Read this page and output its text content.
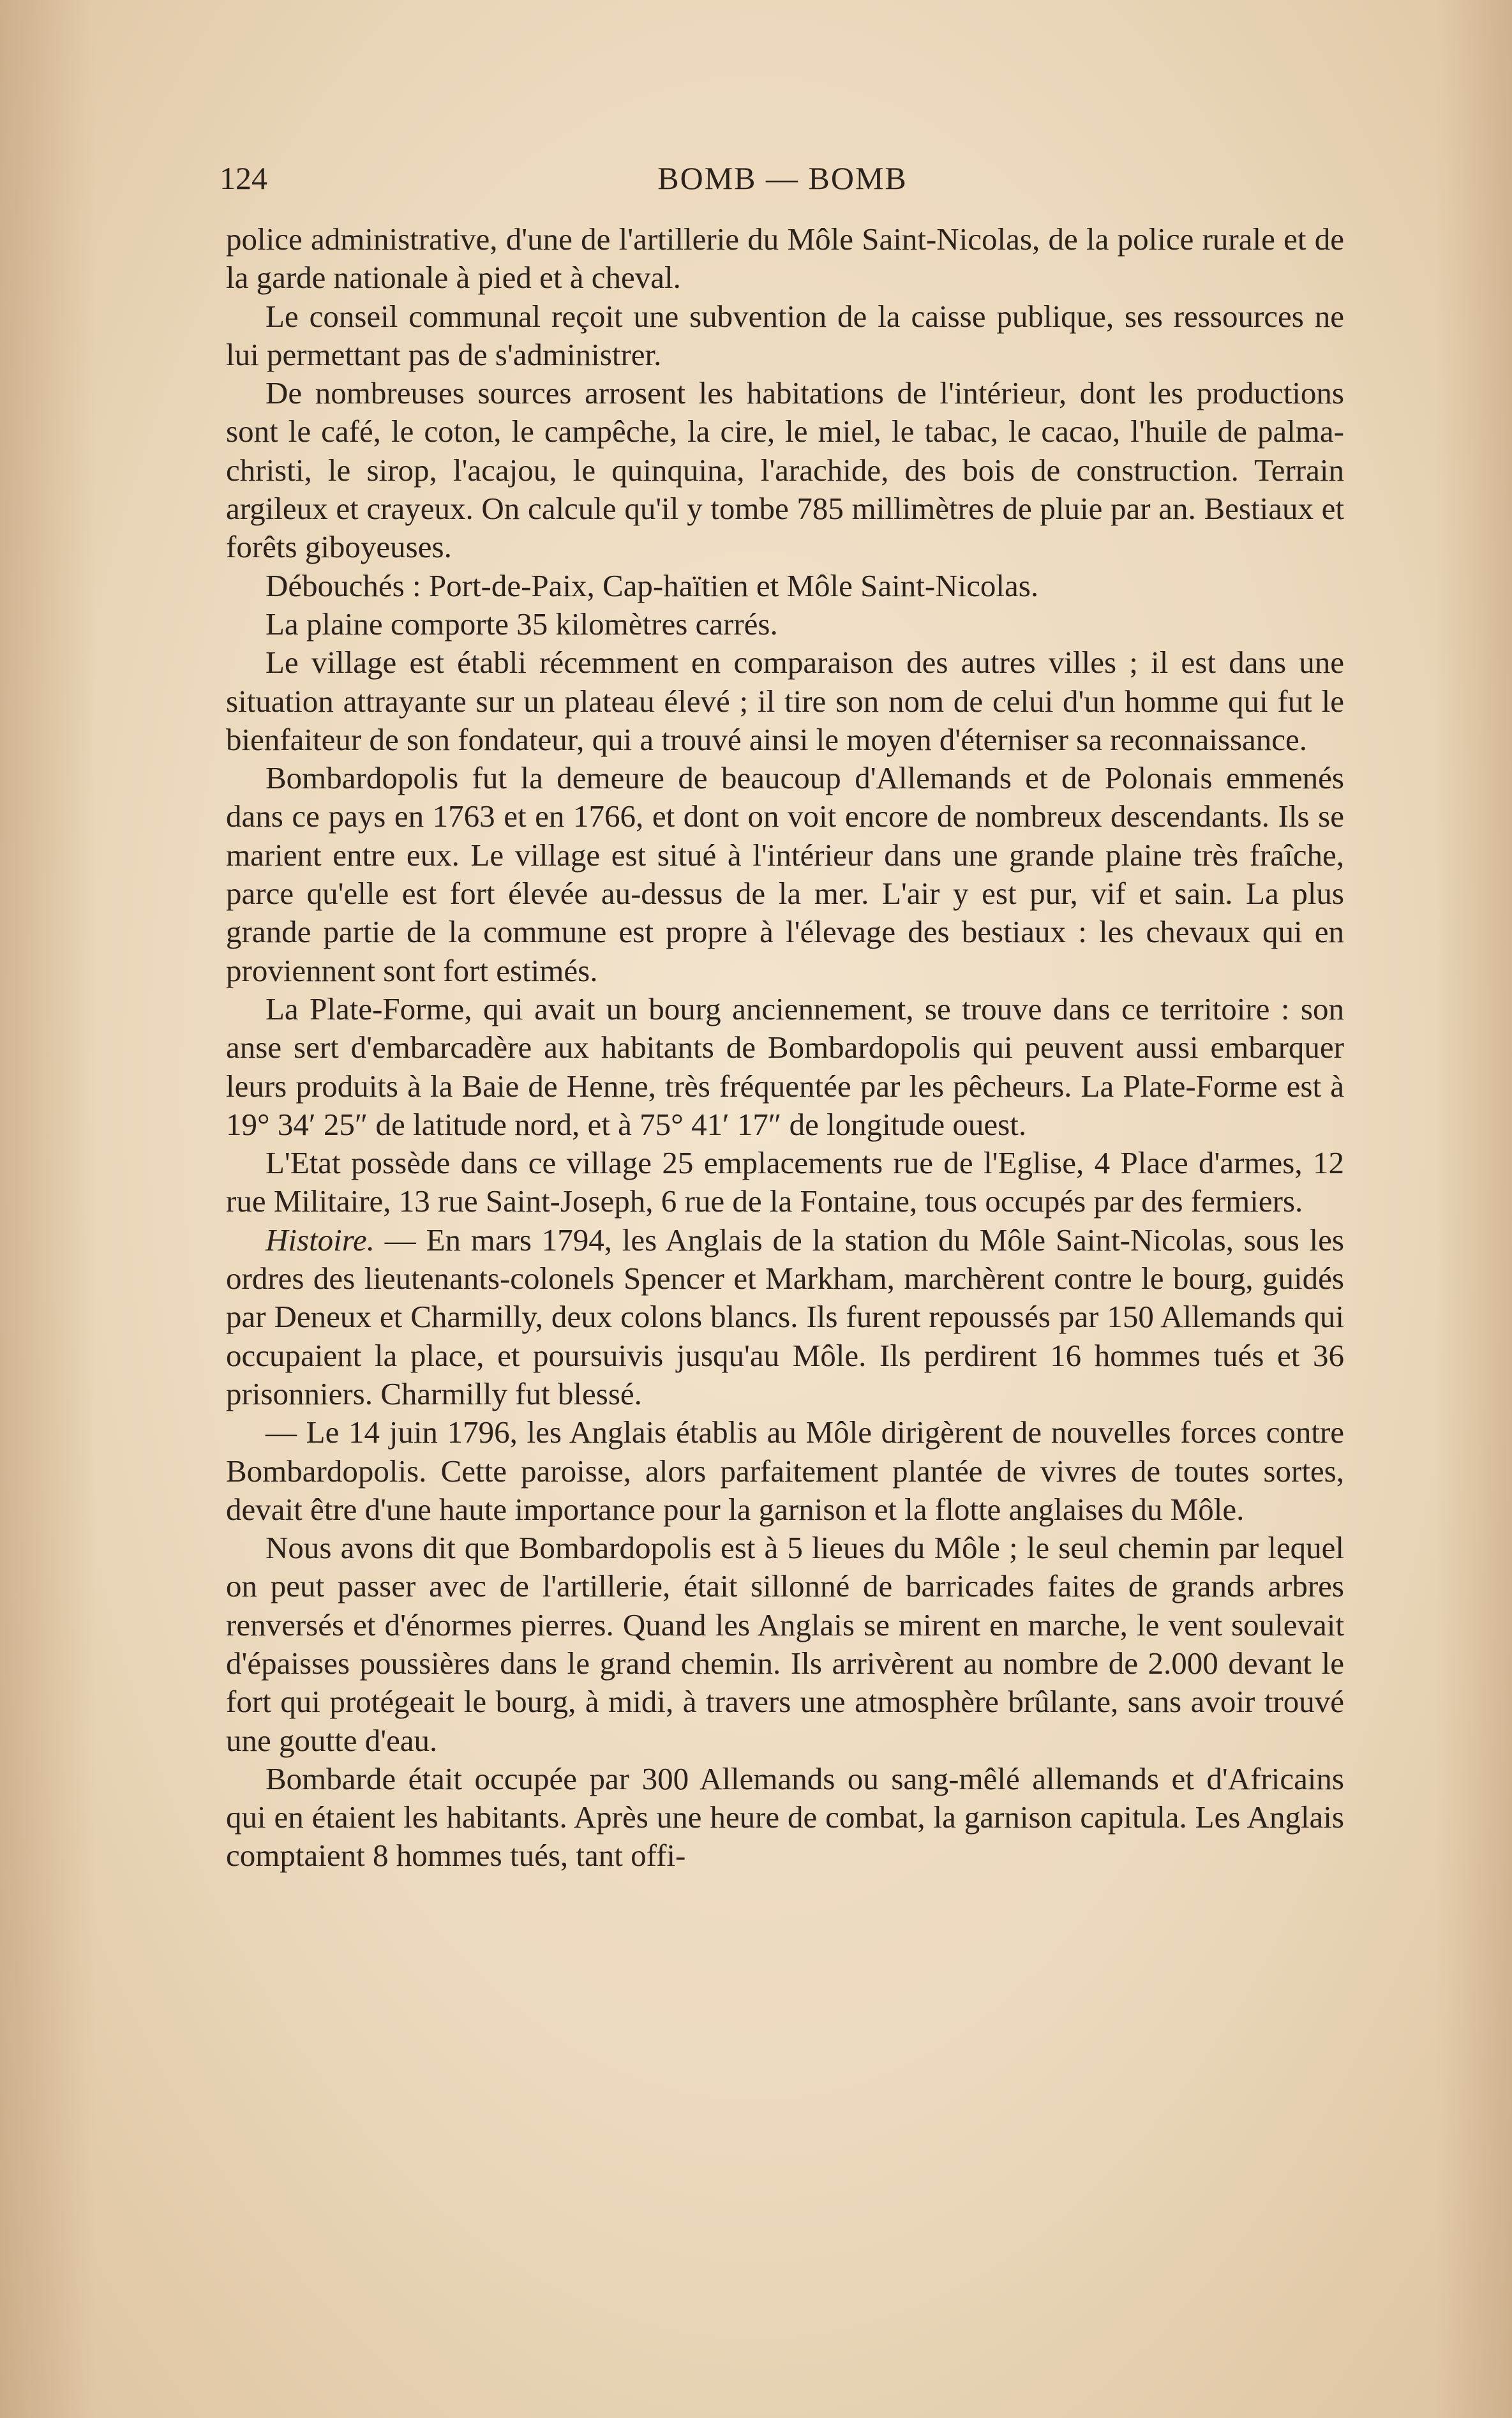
124	BOMB — BOMB

police administrative, d'une de l'artillerie du Môle Saint-Nicolas, de la police rurale et de la garde nationale à pied et à cheval.

Le conseil communal reçoit une subvention de la caisse publique, ses ressources ne lui permettant pas de s'administrer.

De nombreuses sources arrosent les habitations de l'intérieur, dont les productions sont le café, le coton, le campêche, la cire, le miel, le tabac, le cacao, l'huile de palma-christi, le sirop, l'acajou, le quinquina, l'arachide, des bois de construction. Terrain argileux et crayeux. On calcule qu'il y tombe 785 millimètres de pluie par an. Bestiaux et forêts giboyeuses.

Débouchés : Port-de-Paix, Cap-haïtien et Môle Saint-Nicolas.

La plaine comporte 35 kilomètres carrés.

Le village est établi récemment en comparaison des autres villes ; il est dans une situation attrayante sur un plateau élevé ; il tire son nom de celui d'un homme qui fut le bienfaiteur de son fondateur, qui a trouvé ainsi le moyen d'éterniser sa reconnaissance.

Bombardopolis fut la demeure de beaucoup d'Allemands et de Polonais emmenés dans ce pays en 1763 et en 1766, et dont on voit encore de nombreux descendants. Ils se marient entre eux. Le village est situé à l'intérieur dans une grande plaine très fraîche, parce qu'elle est fort élevée au-dessus de la mer. L'air y est pur, vif et sain. La plus grande partie de la commune est propre à l'élevage des bestiaux : les chevaux qui en proviennent sont fort estimés.

La Plate-Forme, qui avait un bourg anciennement, se trouve dans ce territoire : son anse sert d'embarcadère aux habitants de Bombardopolis qui peuvent aussi embarquer leurs produits à la Baie de Henne, très fréquentée par les pêcheurs. La Plate-Forme est à 19° 34′ 25″ de latitude nord, et à 75° 41′ 17″ de longitude ouest.

L'Etat possède dans ce village 25 emplacements rue de l'Eglise, 4 Place d'armes, 12 rue Militaire, 13 rue Saint-Joseph, 6 rue de la Fontaine, tous occupés par des fermiers.

Histoire. — En mars 1794, les Anglais de la station du Môle Saint-Nicolas, sous les ordres des lieutenants-colonels Spencer et Markham, marchèrent contre le bourg, guidés par Deneux et Charmilly, deux colons blancs. Ils furent repoussés par 150 Allemands qui occupaient la place, et poursuivis jusqu'au Môle. Ils perdirent 16 hommes tués et 36 prisonniers. Charmilly fut blessé.

— Le 14 juin 1796, les Anglais établis au Môle dirigèrent de nouvelles forces contre Bombardopolis. Cette paroisse, alors parfaitement plantée de vivres de toutes sortes, devait être d'une haute importance pour la garnison et la flotte anglaises du Môle.

Nous avons dit que Bombardopolis est à 5 lieues du Môle ; le seul chemin par lequel on peut passer avec de l'artillerie, était sillonné de barricades faites de grands arbres renversés et d'énormes pierres. Quand les Anglais se mirent en marche, le vent soulevait d'épaisses poussières dans le grand chemin. Ils arrivèrent au nombre de 2.000 devant le fort qui protégeait le bourg, à midi, à travers une atmosphère brûlante, sans avoir trouvé une goutte d'eau.

Bombarde était occupée par 300 Allemands ou sang-mêlé allemands et d'Africains qui en étaient les habitants. Après une heure de combat, la garnison capitula. Les Anglais comptaient 8 hommes tués, tant offi-
